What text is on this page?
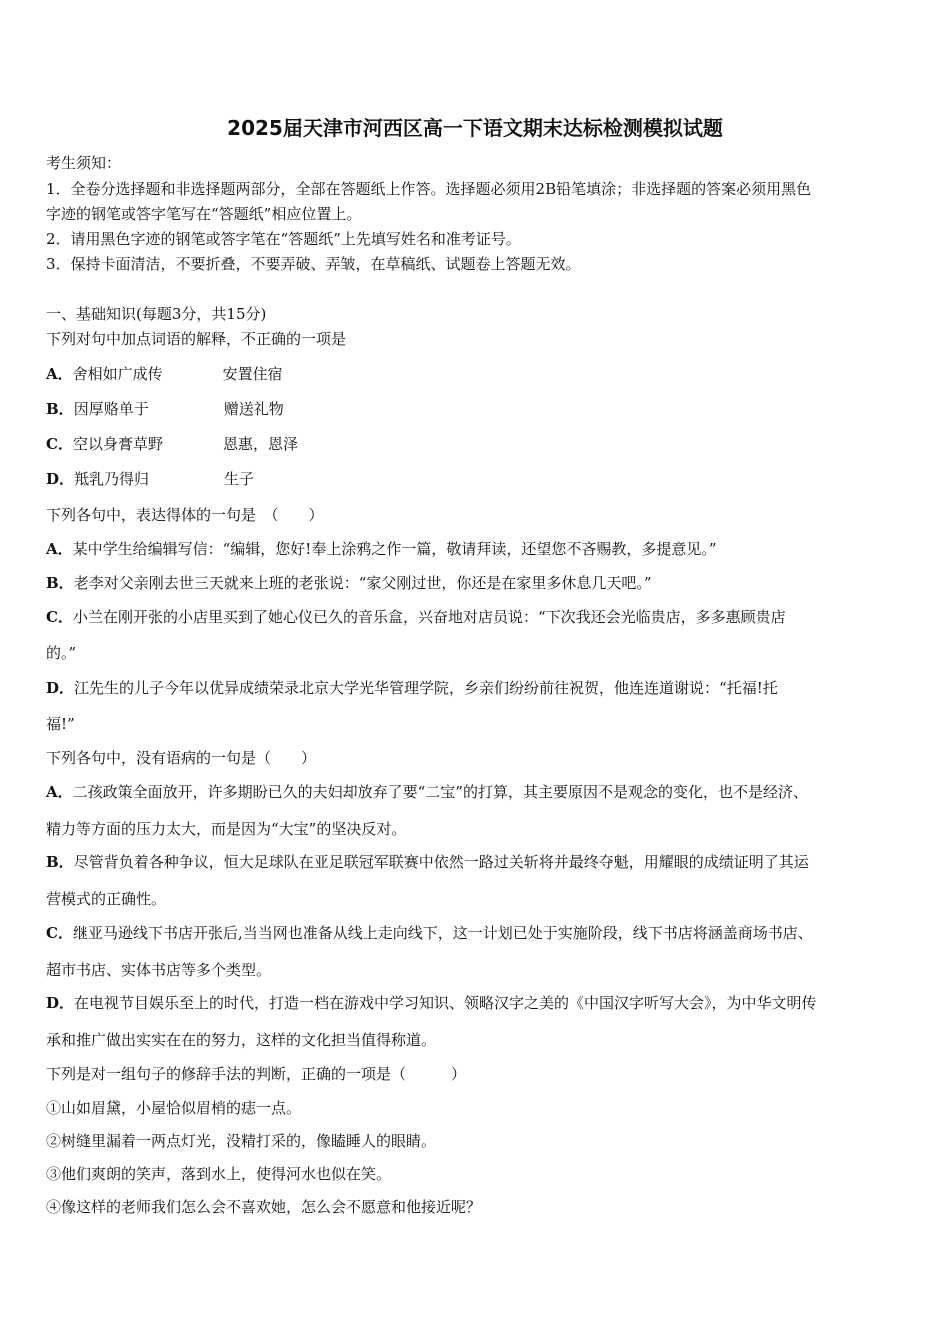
2025届天津市河西区高一下语文期末达标检测模拟试题
考生须知：
1．全卷分选择题和非选择题两部分，全部在答题纸上作答。选择题必须用2B铅笔填涂；非选择题的答案必须用黑色
字迹的钢笔或答字笔写在“答题纸”相应位置上。
2．请用黑色字迹的钢笔或答字笔在“答题纸”上先填写姓名和准考证号。
3．保持卡面清洁，不要折叠，不要弄破、弄皱，在草稿纸、试题卷上答题无效。
一、基础知识(每题3分，共15分)
下列对句中加点词语的解释，不正确的一项是
A．舍相如广成传	安置住宿
B．因厚赂单于	赠送礼物
C．空以身膏草野	恩惠，恩泽
D．羝乳乃得归	生子
下列各句中，表达得体的一句是　（　　）
A．某中学生给编辑写信：“编辑，您好!奉上涂鸦之作一篇，敬请拜读，还望您不吝赐教，多提意见。”
B．老李对父亲刚去世三天就来上班的老张说：“家父刚过世，你还是在家里多休息几天吧。”
C．小兰在刚开张的小店里买到了她心仪已久的音乐盒，兴奋地对店员说：“下次我还会光临贵店，多多惠顾贵店
的。”
D．江先生的儿子今年以优异成绩荣录北京大学光华管理学院，乡亲们纷纷前往祝贺，他连连道谢说：“托福!托
福!”
下列各句中，没有语病的一句是（　　）
A．二孩政策全面放开，许多期盼已久的夫妇却放弃了要“二宝”的打算，其主要原因不是观念的变化，也不是经济、
精力等方面的压力太大，而是因为“大宝”的坚决反对。
B．尽管背负着各种争议，恒大足球队在亚足联冠军联赛中依然一路过关斩将并最终夺魁，用耀眼的成绩证明了其运
营模式的正确性。
C．继亚马逊线下书店开张后,当当网也准备从线上走向线下，这一计划已处于实施阶段，线下书店将涵盖商场书店、
超市书店、实体书店等多个类型。
D．在电视节目娱乐至上的时代，打造一档在游戏中学习知识、领略汉字之美的《中国汉字听写大会》，为中华文明传
承和推广做出实实在在的努力，这样的文化担当值得称道。
下列是对一组句子的修辞手法的判断，正确的一项是（　　　）
①山如眉黛，小屋恰似眉梢的痣一点。
②树缝里漏着一两点灯光，没精打采的，像瞌睡人的眼睛。
③他们爽朗的笑声，落到水上，使得河水也似在笑。
④像这样的老师我们怎么会不喜欢她，怎么会不愿意和他接近呢？
